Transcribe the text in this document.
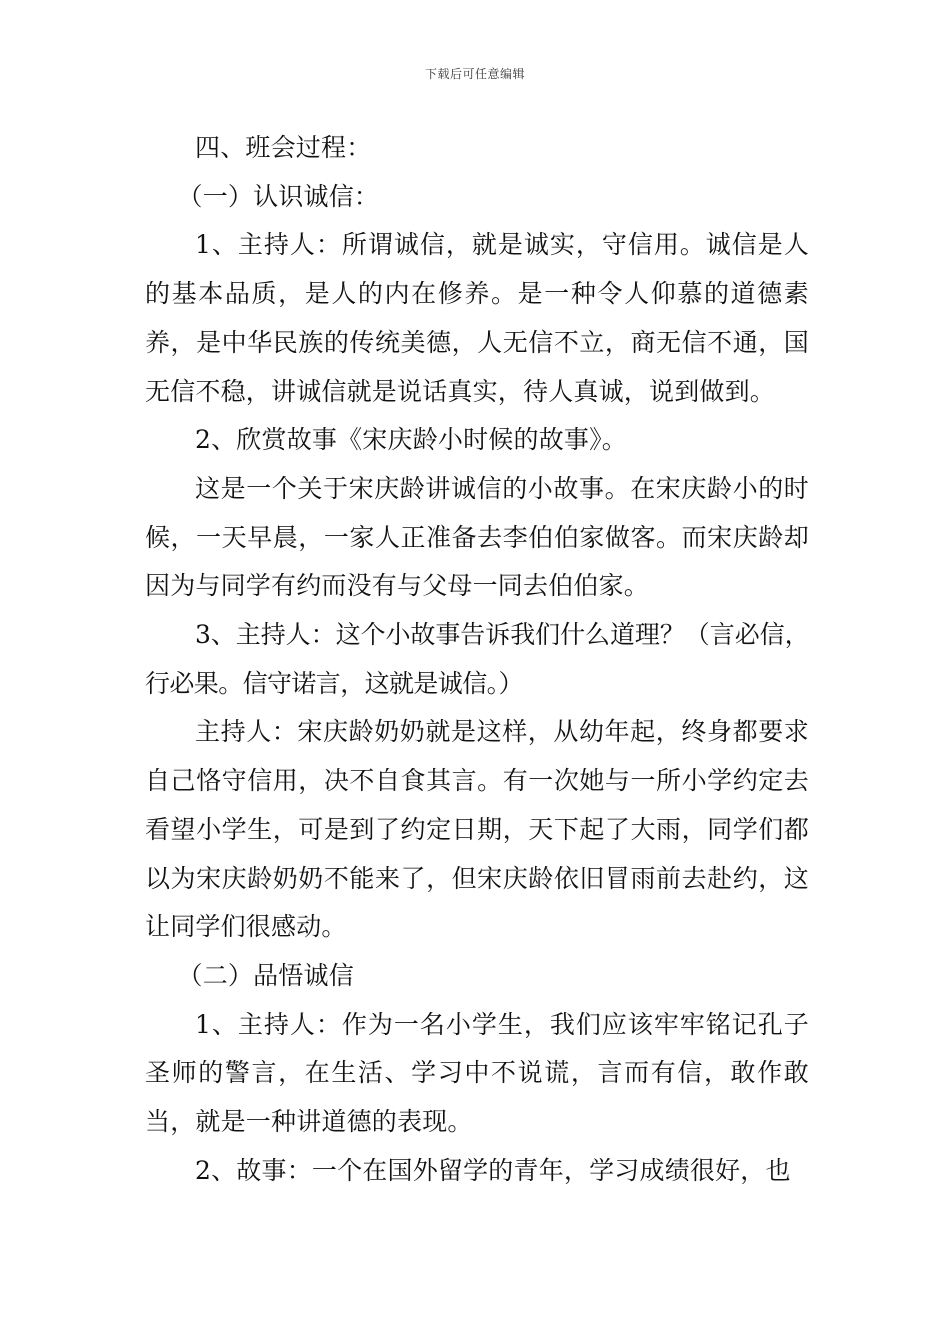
下载后可任意编辑

四、班会过程：

（一）认识诚信：

1、主持人：所谓诚信，就是诚实，守信用。诚信是人的基本品质，是人的内在修养。是一种令人仰慕的道德素养，是中华民族的传统美德，人无信不立，商无信不通，国无信不稳，讲诚信就是说话真实，待人真诚，说到做到。

2、欣赏故事《宋庆龄小时候的故事》。

这是一个关于宋庆龄讲诚信的小故事。在宋庆龄小的时候，一天早晨，一家人正准备去李伯伯家做客。而宋庆龄却因为与同学有约而没有与父母一同去伯伯家。

3、主持人：这个小故事告诉我们什么道理？（言必信，行必果。信守诺言，这就是诚信。）

主持人：宋庆龄奶奶就是这样，从幼年起，终身都要求自己恪守信用，决不自食其言。有一次她与一所小学约定去看望小学生，可是到了约定日期，天下起了大雨，同学们都以为宋庆龄奶奶不能来了，但宋庆龄依旧冒雨前去赴约，这让同学们很感动。

（二）品悟诚信

1、主持人：作为一名小学生，我们应该牢牢铭记孔子圣师的警言，在生活、学习中不说谎，言而有信，敢作敢当，就是一种讲道德的表现。

2、故事：一个在国外留学的青年，学习成绩很好，也
